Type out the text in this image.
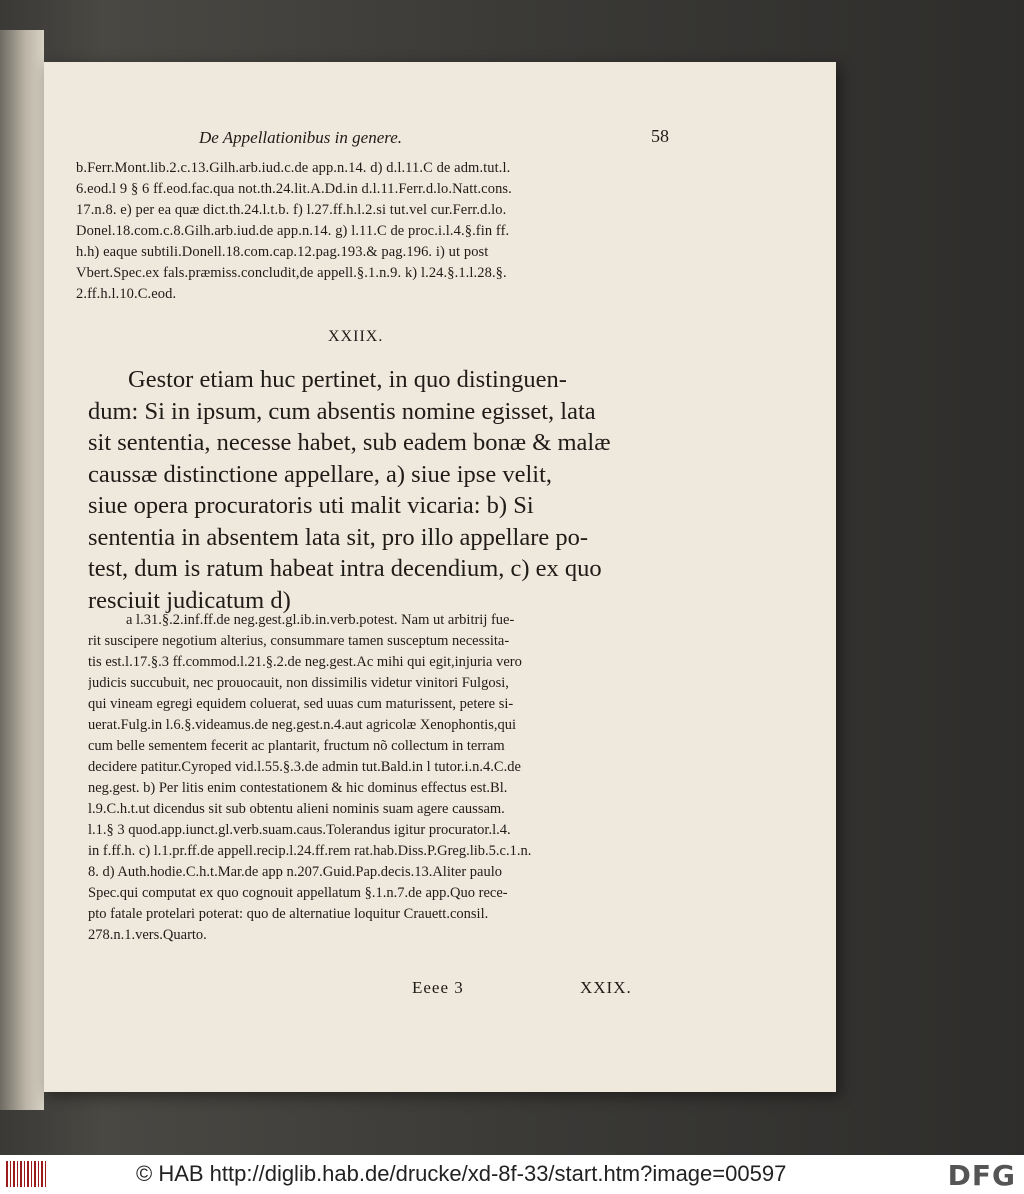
De Appellationibus in genere.	58
b.Ferr.Mont.lib.2.c.13.Gilh.arb.iud.c.de app.n.14. d) d.l.11.C de adm.tut.l.
6.eod.l 9 § 6 ff.eod.fac.qua not.th.24.lit.A.Dd.in d.l.11.Ferr.d.lo.Natt.cons.
17.n.8. e) per ea quæ dict.th.24.l.t.b. f) l.27.ff.h.l.2.si tut.vel cur.Ferr.d.lo.
Donel.18.com.c.8.Gilh.arb.iud.de app.n.14. g) l.11.C de proc.i.l.4.§.fin ff.
h.h) eaque subtili.Donell.18.com.cap.12.pag.193.& pag.196. i) ut post
Vbert.Spec.ex fals.præmiss.concludit,de appell.§.1.n.9. k) l.24.§.1.l.28.§.
2.ff.h.l.10.C.eod.
XXIIX.
Gestor etiam huc pertinet, in quo distinguen-
dum: Si in ipsum, cum absentis nomine egisset, lata
sit sententia, necesse habet, sub eadem bonæ & malæ
caussæ distinctione appellare, a) siue ipse velit,
siue opera procuratoris uti malit vicaria: b) Si
sententia in absentem lata sit, pro illo appellare po-
test, dum is ratum habeat intra decendium, c) ex quo
resciuit judicatum d)
a l.31.§.2.inf.ff.de neg.gest.gl.ib.in.verb.potest. Nam ut arbitrij fue-
rit suscipere negotium alterius, consummare tamen susceptum necessita-
tis est.l.17.§.3 ff.commod.l.21.§.2.de neg.gest.Ac mihi qui egit,injuria vero
judicis succubuit, nec prouocauit, non dissimilis videtur vinitori Fulgosi,
qui vineam egregi equidem coluerat, sed uuas cum maturissent, petere si-
uerat.Fulg.in l.6.§.videamus.de neg.gest.n.4.aut agricolæ Xenophontis,qui
cum belle sementem fecerit ac plantarit, fructum nõ collectum in terram
decidere patitur.Cyroped vid.l.55.§.3.de admin tut.Bald.in l tutor.i.n.4.C.de
neg.gest. b) Per litis enim contestationem & hic dominus effectus est.Bl.
l.9.C.h.t.ut dicendus sit sub obtentu alieni nominis suam agere caussam.
l.1.§ 3 quod.app.iunct.gl.verb.suam.caus.Tolerandus igitur procurator.l.4.
in f.ff.h. c) l.1.pr.ff.de appell.recip.l.24.ff.rem rat.hab.Diss.P.Greg.lib.5.c.1.n.
8. d) Auth.hodie.C.h.t.Mar.de app n.207.Guid.Pap.decis.13.Aliter paulo
Spec.qui computat ex quo cognouit appellatum §.1.n.7.de app.Quo rece-
pto fatale protelari poterat: quo de alternatiue loquitur Crauett.consil.
278.n.1.vers.Quarto.
Eeee 3	XXIX.
© HAB http://diglib.hab.de/drucke/xd-8f-33/start.htm?image=00597	DFG
